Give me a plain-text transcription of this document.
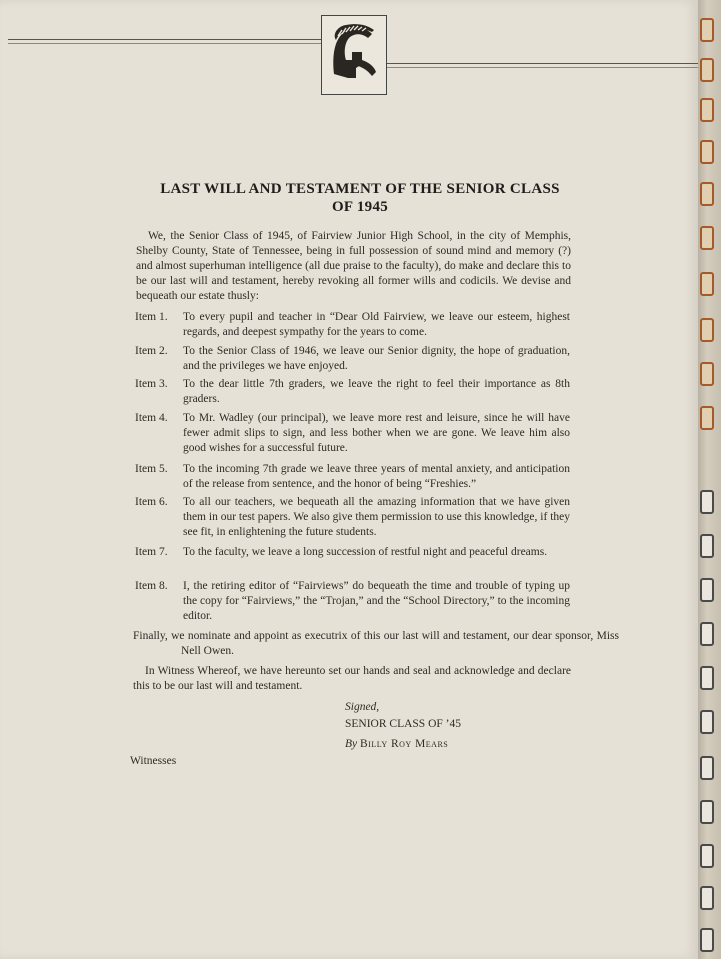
LAST WILL AND TESTAMENT OF THE SENIOR CLASS
OF 1945
We, the Senior Class of 1945, of Fairview Junior High School, in the city of Memphis, Shelby County, State of Tennessee, being in full possession of sound mind and memory (?) and almost superhuman intelligence (all due praise to the faculty), do make and declare this to be our last will and testament, hereby revoking all former wills and codicils. We devise and bequeath our estate thusly:
Item 1.	To every pupil and teacher in “Dear Old Fairview, we leave our esteem, highest regards, and deepest sympathy for the years to come.
Item 2.	To the Senior Class of 1946, we leave our Senior dignity, the hope of graduation, and the privileges we have enjoyed.
Item 3.	To the dear little 7th graders, we leave the right to feel their importance as 8th graders.
Item 4.	To Mr. Wadley (our principal), we leave more rest and leisure, since he will have fewer admit slips to sign, and less bother when we are gone. We leave him also good wishes for a successful future.
Item 5.	To the incoming 7th grade we leave three years of mental anxiety, and anticipation of the release from sentence, and the honor of being “Freshies.”
Item 6.	To all our teachers, we bequeath all the amazing information that we have given them in our test papers. We also give them permission to use this knowledge, if they see fit, in enlightening the future students.
Item 7.	To the faculty, we leave a long succession of restful night and peaceful dreams.
Item 8.	I, the retiring editor of “Fairviews” do bequeath the time and trouble of typing up the copy for “Fairviews,” the “Trojan,” and the “School Directory,” to the incoming editor.
Finally, we nominate and appoint as executrix of this our last will and testament, our dear sponsor, Miss Nell Owen.
In Witness Whereof, we have hereunto set our hands and seal and acknowledge and declare this to be our last will and testament.
Signed,
SENIOR CLASS OF ’45
By Billy Roy Mears
Witnesses
